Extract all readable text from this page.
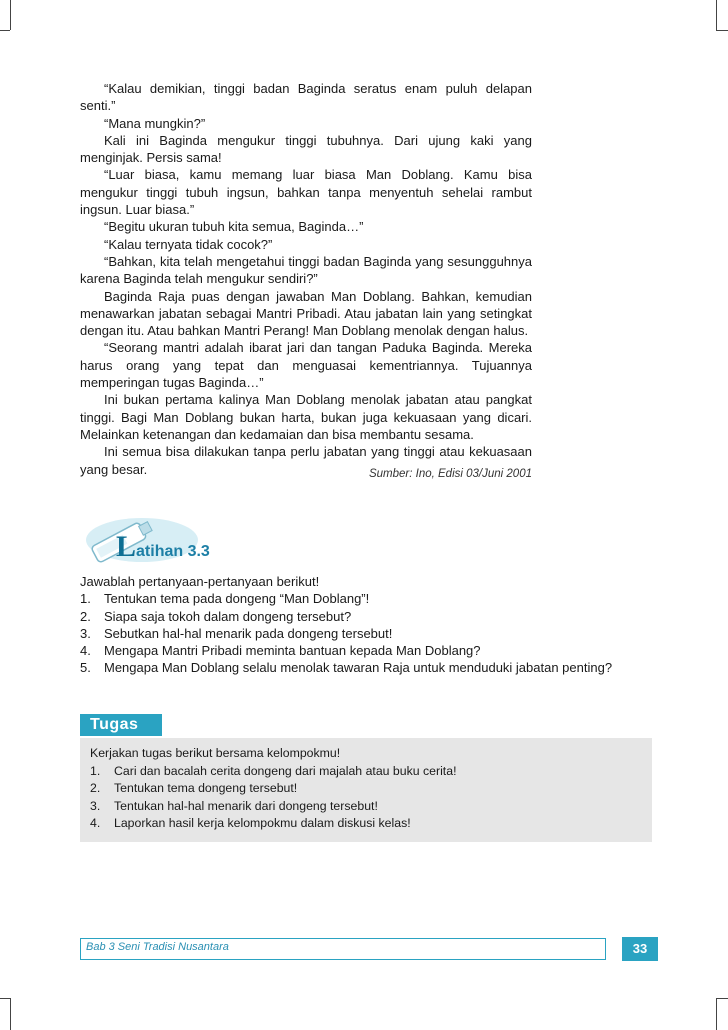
“Kalau demikian, tinggi badan Baginda seratus enam puluh delapan senti.”

“Mana mungkin?”

Kali ini Baginda mengukur tinggi tubuhnya. Dari ujung kaki yang menginjak. Persis sama!

“Luar biasa, kamu memang luar biasa Man Doblang. Kamu bisa mengukur tinggi tubuh ingsun, bahkan tanpa menyentuh sehelai rambut ingsun. Luar biasa.”

“Begitu ukuran tubuh kita semua, Baginda…”

“Kalau ternyata tidak cocok?”

“Bahkan, kita telah mengetahui tinggi badan Baginda yang sesungguhnya karena Baginda telah mengukur sendiri?”

Baginda Raja puas dengan jawaban Man Doblang. Bahkan, kemudian menawarkan jabatan sebagai Mantri Pribadi. Atau jabatan lain yang setingkat dengan itu. Atau bahkan Mantri Perang! Man Doblang menolak dengan halus.

“Seorang mantri adalah ibarat jari dan tangan Paduka Baginda. Mereka harus orang yang tepat dan menguasai kementriannya. Tujuannya memperingan tugas Baginda…”

Ini bukan pertama kalinya Man Doblang menolak jabatan atau pangkat tinggi. Bagi Man Doblang bukan harta, bukan juga kekuasaan yang dicari. Melainkan ketenangan dan kedamaian dan bisa membantu sesama.

Ini semua bisa dilakukan tanpa perlu jabatan yang tinggi atau kekuasaan yang besar.	Sumber: Ino, Edisi 03/Juni 2001
Latihan 3.3
Jawablah pertanyaan-pertanyaan berikut!
1. Tentukan tema pada dongeng “Man Doblang”!
2. Siapa saja tokoh dalam dongeng tersebut?
3. Sebutkan hal-hal menarik pada dongeng tersebut!
4. Mengapa Mantri Pribadi meminta bantuan kepada Man Doblang?
5. Mengapa Man Doblang selalu menolak tawaran Raja untuk menduduki jabatan penting?
Tugas
Kerjakan tugas berikut bersama kelompokmu!
1. Cari dan bacalah cerita dongeng dari majalah atau buku cerita!
2. Tentukan tema dongeng tersebut!
3. Tentukan hal-hal menarik dari dongeng tersebut!
4. Laporkan hasil kerja kelompokmu dalam diskusi kelas!
Bab 3 Seni Tradisi Nusantara	33
